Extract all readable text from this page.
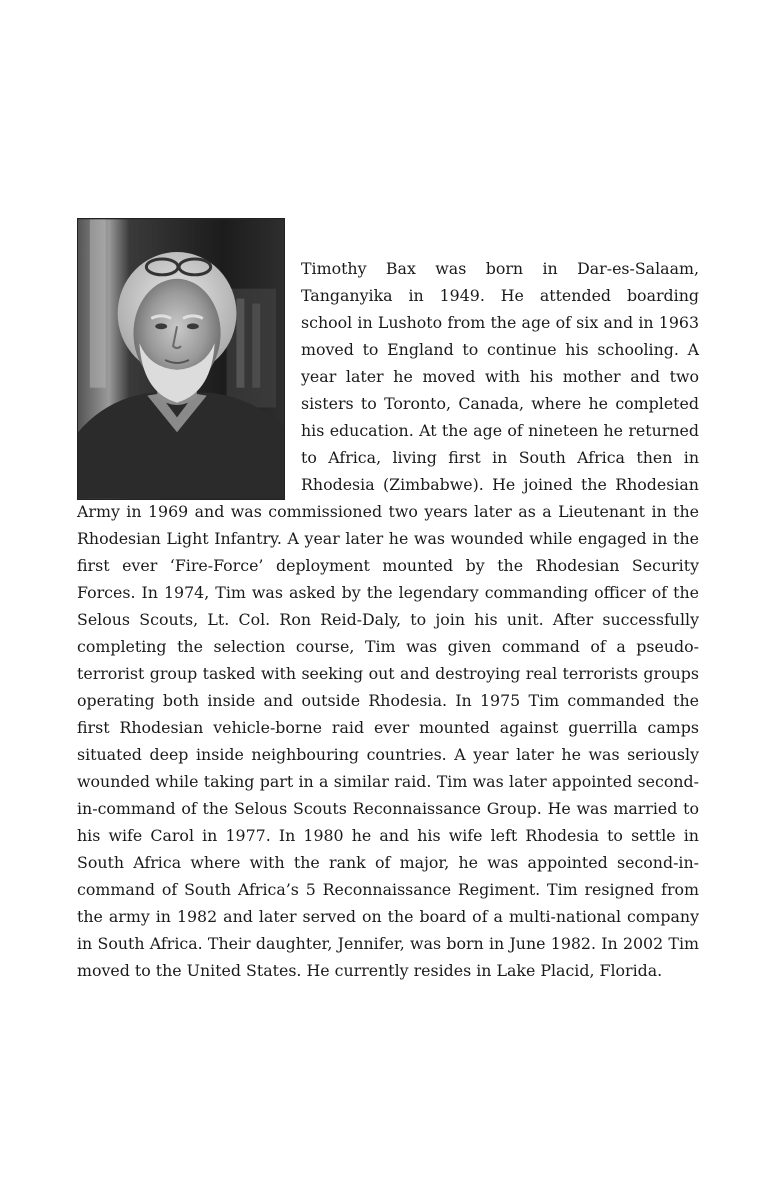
Timothy Bax was born in Dar-es-Salaam, Tanganyika in 1949. He attended boarding school in Lushoto from the age of six and in 1963 moved to England to continue his schooling. A year later he moved with his mother and two sisters to Toronto, Canada, where he completed his education. At the age of nineteen he returned to Africa, living first in South Africa then in Rhodesia (Zimbabwe). He joined the Rhodesian Army in 1969 and was commissioned two years later as a Lieutenant in the Rhodesian Light Infantry. A year later he was wounded while engaged in the first ever ‘Fire-Force’ deployment mounted by the Rhodesian Security Forces. In 1974, Tim was asked by the legendary commanding officer of the Selous Scouts, Lt. Col. Ron Reid-Daly, to join his unit. After successfully completing the selection course, Tim was given command of a pseudo-terrorist group tasked with seeking out and destroying real terrorists groups operating both inside and outside Rhodesia. In 1975 Tim commanded the first Rhodesian vehicle-borne raid ever mounted against guerrilla camps situated deep inside neighbouring countries. A year later he was seriously wounded while taking part in a similar raid. Tim was later appointed second-in-command of the Selous Scouts Reconnaissance Group. He was married to his wife Carol in 1977. In 1980 he and his wife left Rhodesia to settle in South Africa where with the rank of major, he was appointed second-in-command of South Africa’s 5 Reconnaissance Regiment. Tim resigned from the army in 1982 and later served on the board of a multi-national company in South Africa. Their daughter, Jennifer, was born in June 1982. In 2002 Tim moved to the United States. He currently resides in Lake Placid, Florida.
